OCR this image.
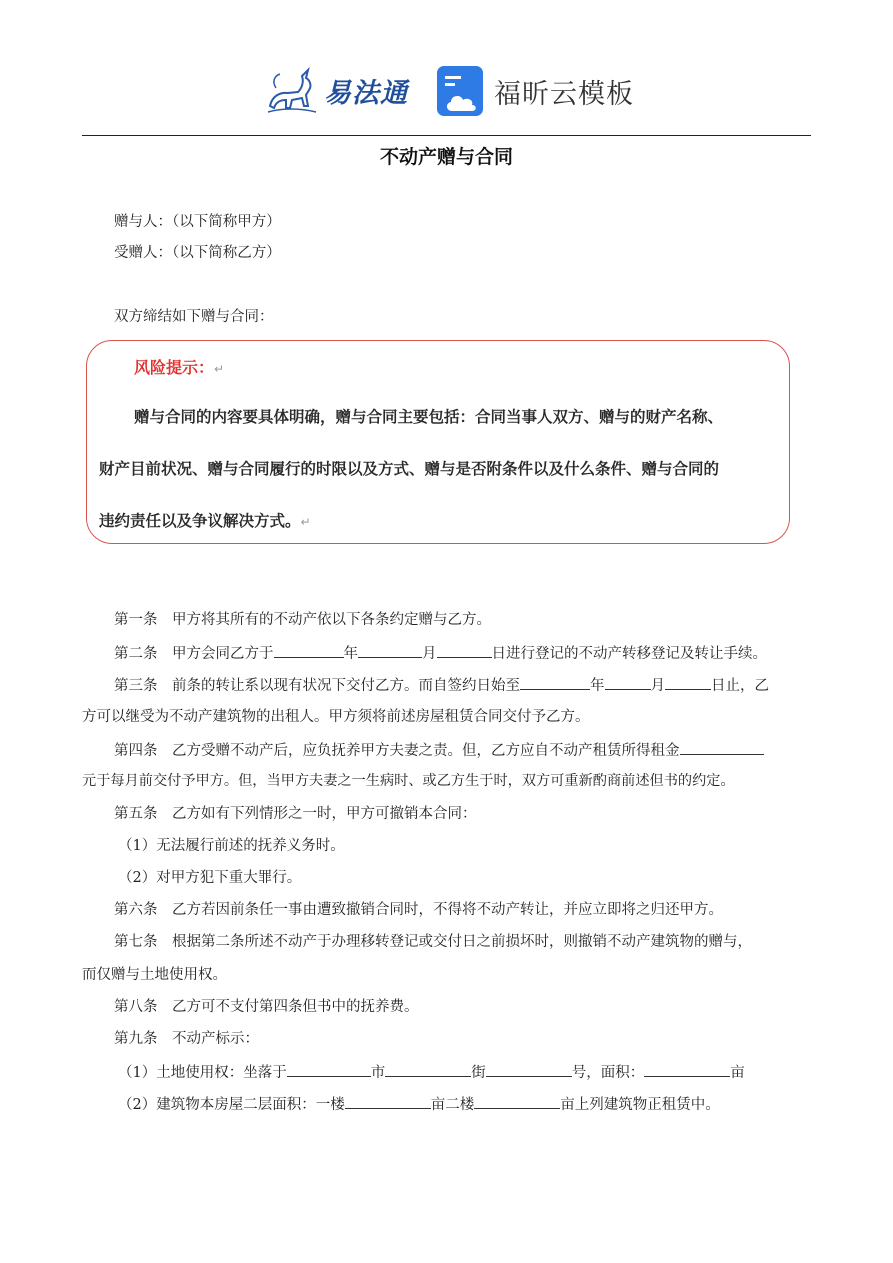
易法通	福昕云模板
不动产赠与合同
赠与人：（以下简称甲方）
受赠人：（以下简称乙方）
双方缔结如下赠与合同：
风险提示：↵
赠与合同的内容要具体明确，赠与合同主要包括：合同当事人双方、赠与的财产名称、
财产目前状况、赠与合同履行的时限以及方式、赠与是否附条件以及什么条件、赠与合同的
违约责任以及争议解决方式。↵
第一条　甲方将其所有的不动产依以下各条约定赠与乙方。
第二条　甲方会同乙方于	年	月	日进行登记的不动产转移登记及转让手续。
第三条　前条的转让系以现有状况下交付乙方。而自签约日始至	年	月	日止，乙
方可以继受为不动产建筑物的出租人。甲方须将前述房屋租赁合同交付予乙方。
第四条　乙方受赠不动产后，应负抚养甲方夫妻之责。但，乙方应自不动产租赁所得租金
元于每月前交付予甲方。但，当甲方夫妻之一生病时、或乙方生于时，双方可重新酌商前述但书的约定。
第五条　乙方如有下列情形之一时，甲方可撤销本合同：
（1）无法履行前述的抚养义务时。
（2）对甲方犯下重大罪行。
第六条　乙方若因前条任一事由遭致撤销合同时，不得将不动产转让，并应立即将之归还甲方。
第七条　根据第二条所述不动产于办理移转登记或交付日之前损坏时，则撤销不动产建筑物的赠与，
而仅赠与土地使用权。
第八条　乙方可不支付第四条但书中的抚养费。
第九条　不动产标示：
（1）土地使用权：坐落于	市	街	号，面积：	亩
（2）建筑物本房屋二层面积：一楼	亩二楼	亩上列建筑物正租赁中。
